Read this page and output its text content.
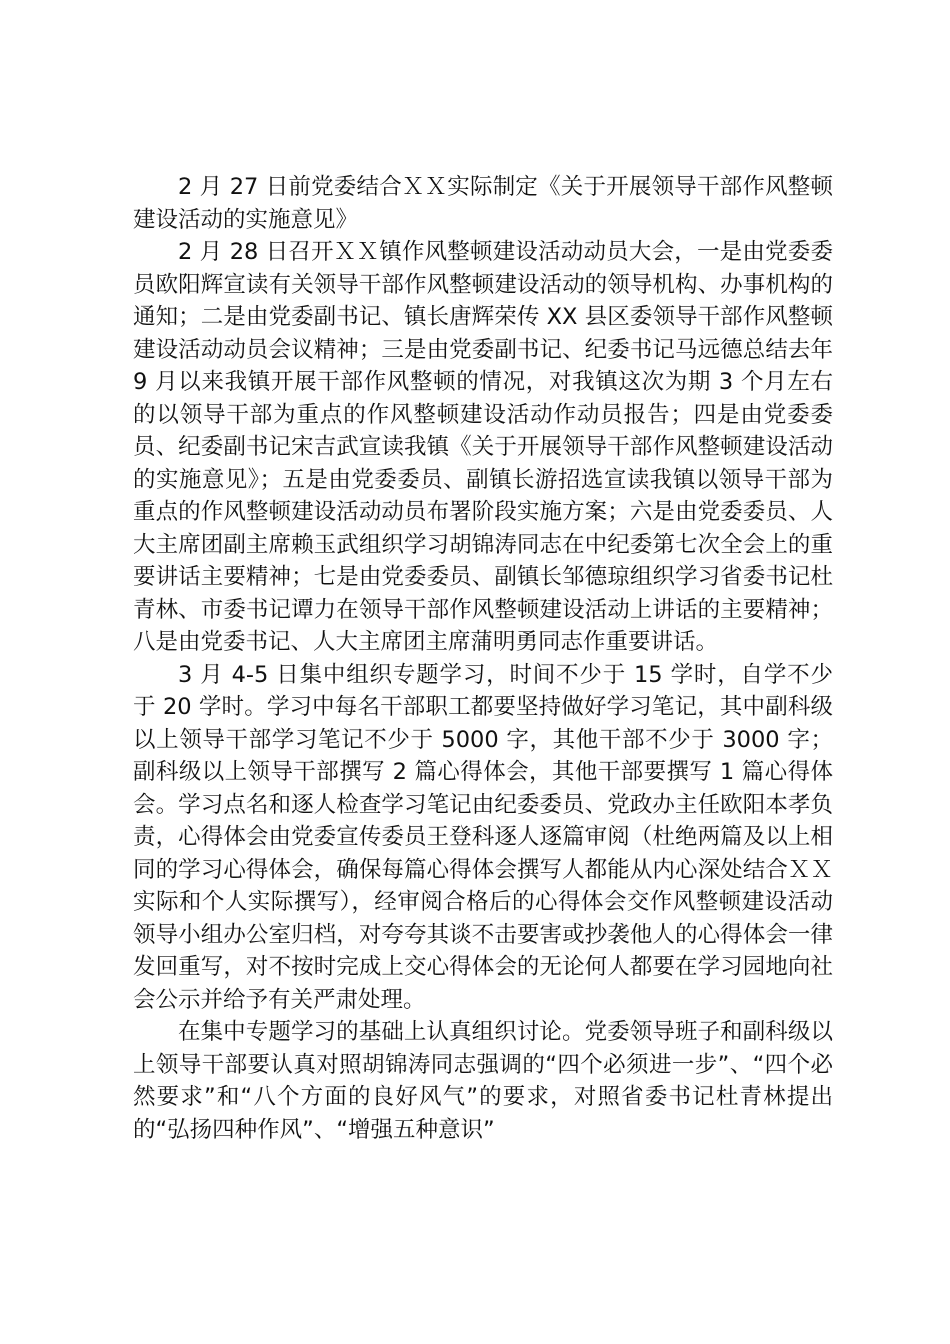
2 月 27 日前党委结合ＸＸ实际制定《关于开展领导干部作风整顿建设活动的实施意见》

2 月 28 日召开ＸＸ镇作风整顿建设活动动员大会，一是由党委委员欧阳辉宣读有关领导干部作风整顿建设活动的领导机构、办事机构的通知；二是由党委副书记、镇长唐辉荣传 XX 县区委领导干部作风整顿建设活动动员会议精神；三是由党委副书记、纪委书记马远德总结去年 9 月以来我镇开展干部作风整顿的情况，对我镇这次为期 3 个月左右的以领导干部为重点的作风整顿建设活动作动员报告；四是由党委委员、纪委副书记宋吉武宣读我镇《关于开展领导干部作风整顿建设活动的实施意见》；五是由党委委员、副镇长游招选宣读我镇以领导干部为重点的作风整顿建设活动动员布署阶段实施方案；六是由党委委员、人大主席团副主席赖玉武组织学习胡锦涛同志在中纪委第七次全会上的重要讲话主要精神；七是由党委委员、副镇长邹德琼组织学习省委书记杜青林、市委书记谭力在领导干部作风整顿建设活动上讲话的主要精神；八是由党委书记、人大主席团主席蒲明勇同志作重要讲话。

3 月 4-5 日集中组织专题学习，时间不少于 15 学时，自学不少于 20 学时。学习中每名干部职工都要坚持做好学习笔记，其中副科级以上领导干部学习笔记不少于 5000 字，其他干部不少于 3000 字；副科级以上领导干部撰写 2 篇心得体会，其他干部要撰写 1 篇心得体会。学习点名和逐人检查学习笔记由纪委委员、党政办主任欧阳本孝负责，心得体会由党委宣传委员王登科逐人逐篇审阅（杜绝两篇及以上相同的学习心得体会，确保每篇心得体会撰写人都能从内心深处结合ＸＸ实际和个人实际撰写），经审阅合格后的心得体会交作风整顿建设活动领导小组办公室归档，对夸夸其谈不击要害或抄袭他人的心得体会一律发回重写，对不按时完成上交心得体会的无论何人都要在学习园地向社会公示并给予有关严肃处理。

在集中专题学习的基础上认真组织讨论。党委领导班子和副科级以上领导干部要认真对照胡锦涛同志强调的“四个必须进一步”、“四个必然要求”和“八个方面的良好风气”的要求，对照省委书记杜青林提出的“弘扬四种作风”、“增强五种意识”
